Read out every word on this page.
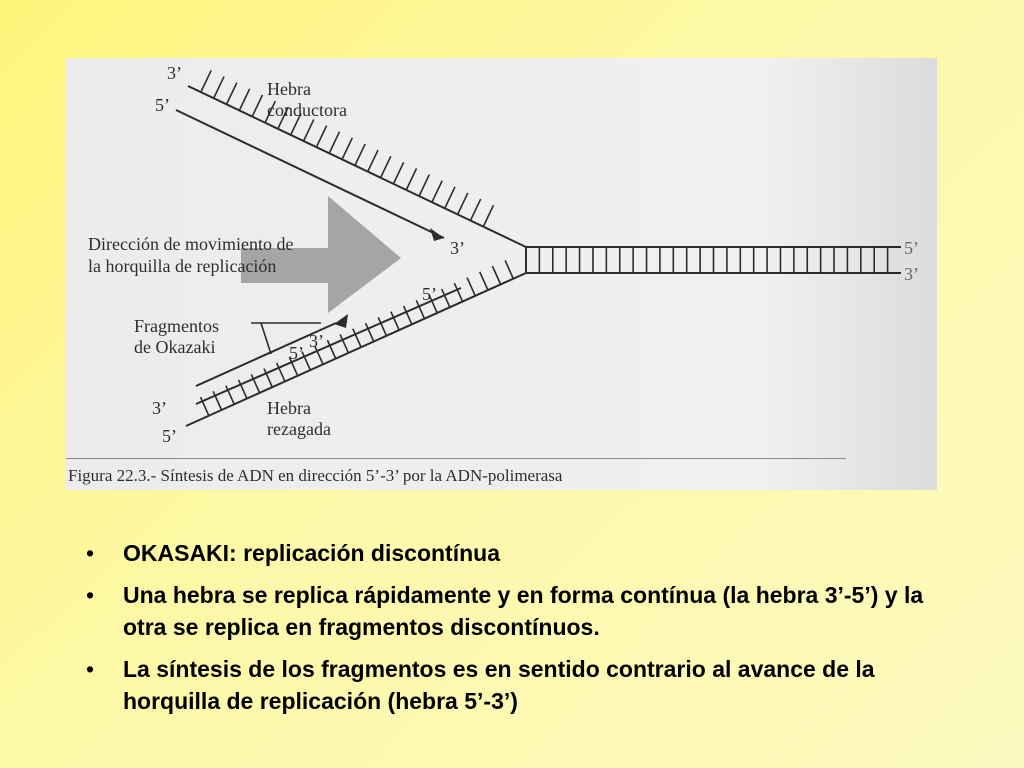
3’
5’
Hebra
conductora
3’
Dirección de movimiento de
la horquilla de replicación
5’
Fragmentos
de Okazaki	5’
3’
3’
5’
Hebra
rezagada
5’
3’
Figura 22.3.- Síntesis de ADN en dirección 5’-3’ por la ADN-polimerasa
• OKASAKI: replicación discontínua
• Una hebra se replica rápidamente y en forma contínua (la hebra 3’-5’) y la otra se replica en fragmentos discontínuos.
• La síntesis de los fragmentos es en sentido contrario al avance de la horquilla de replicación (hebra 5’-3’)
